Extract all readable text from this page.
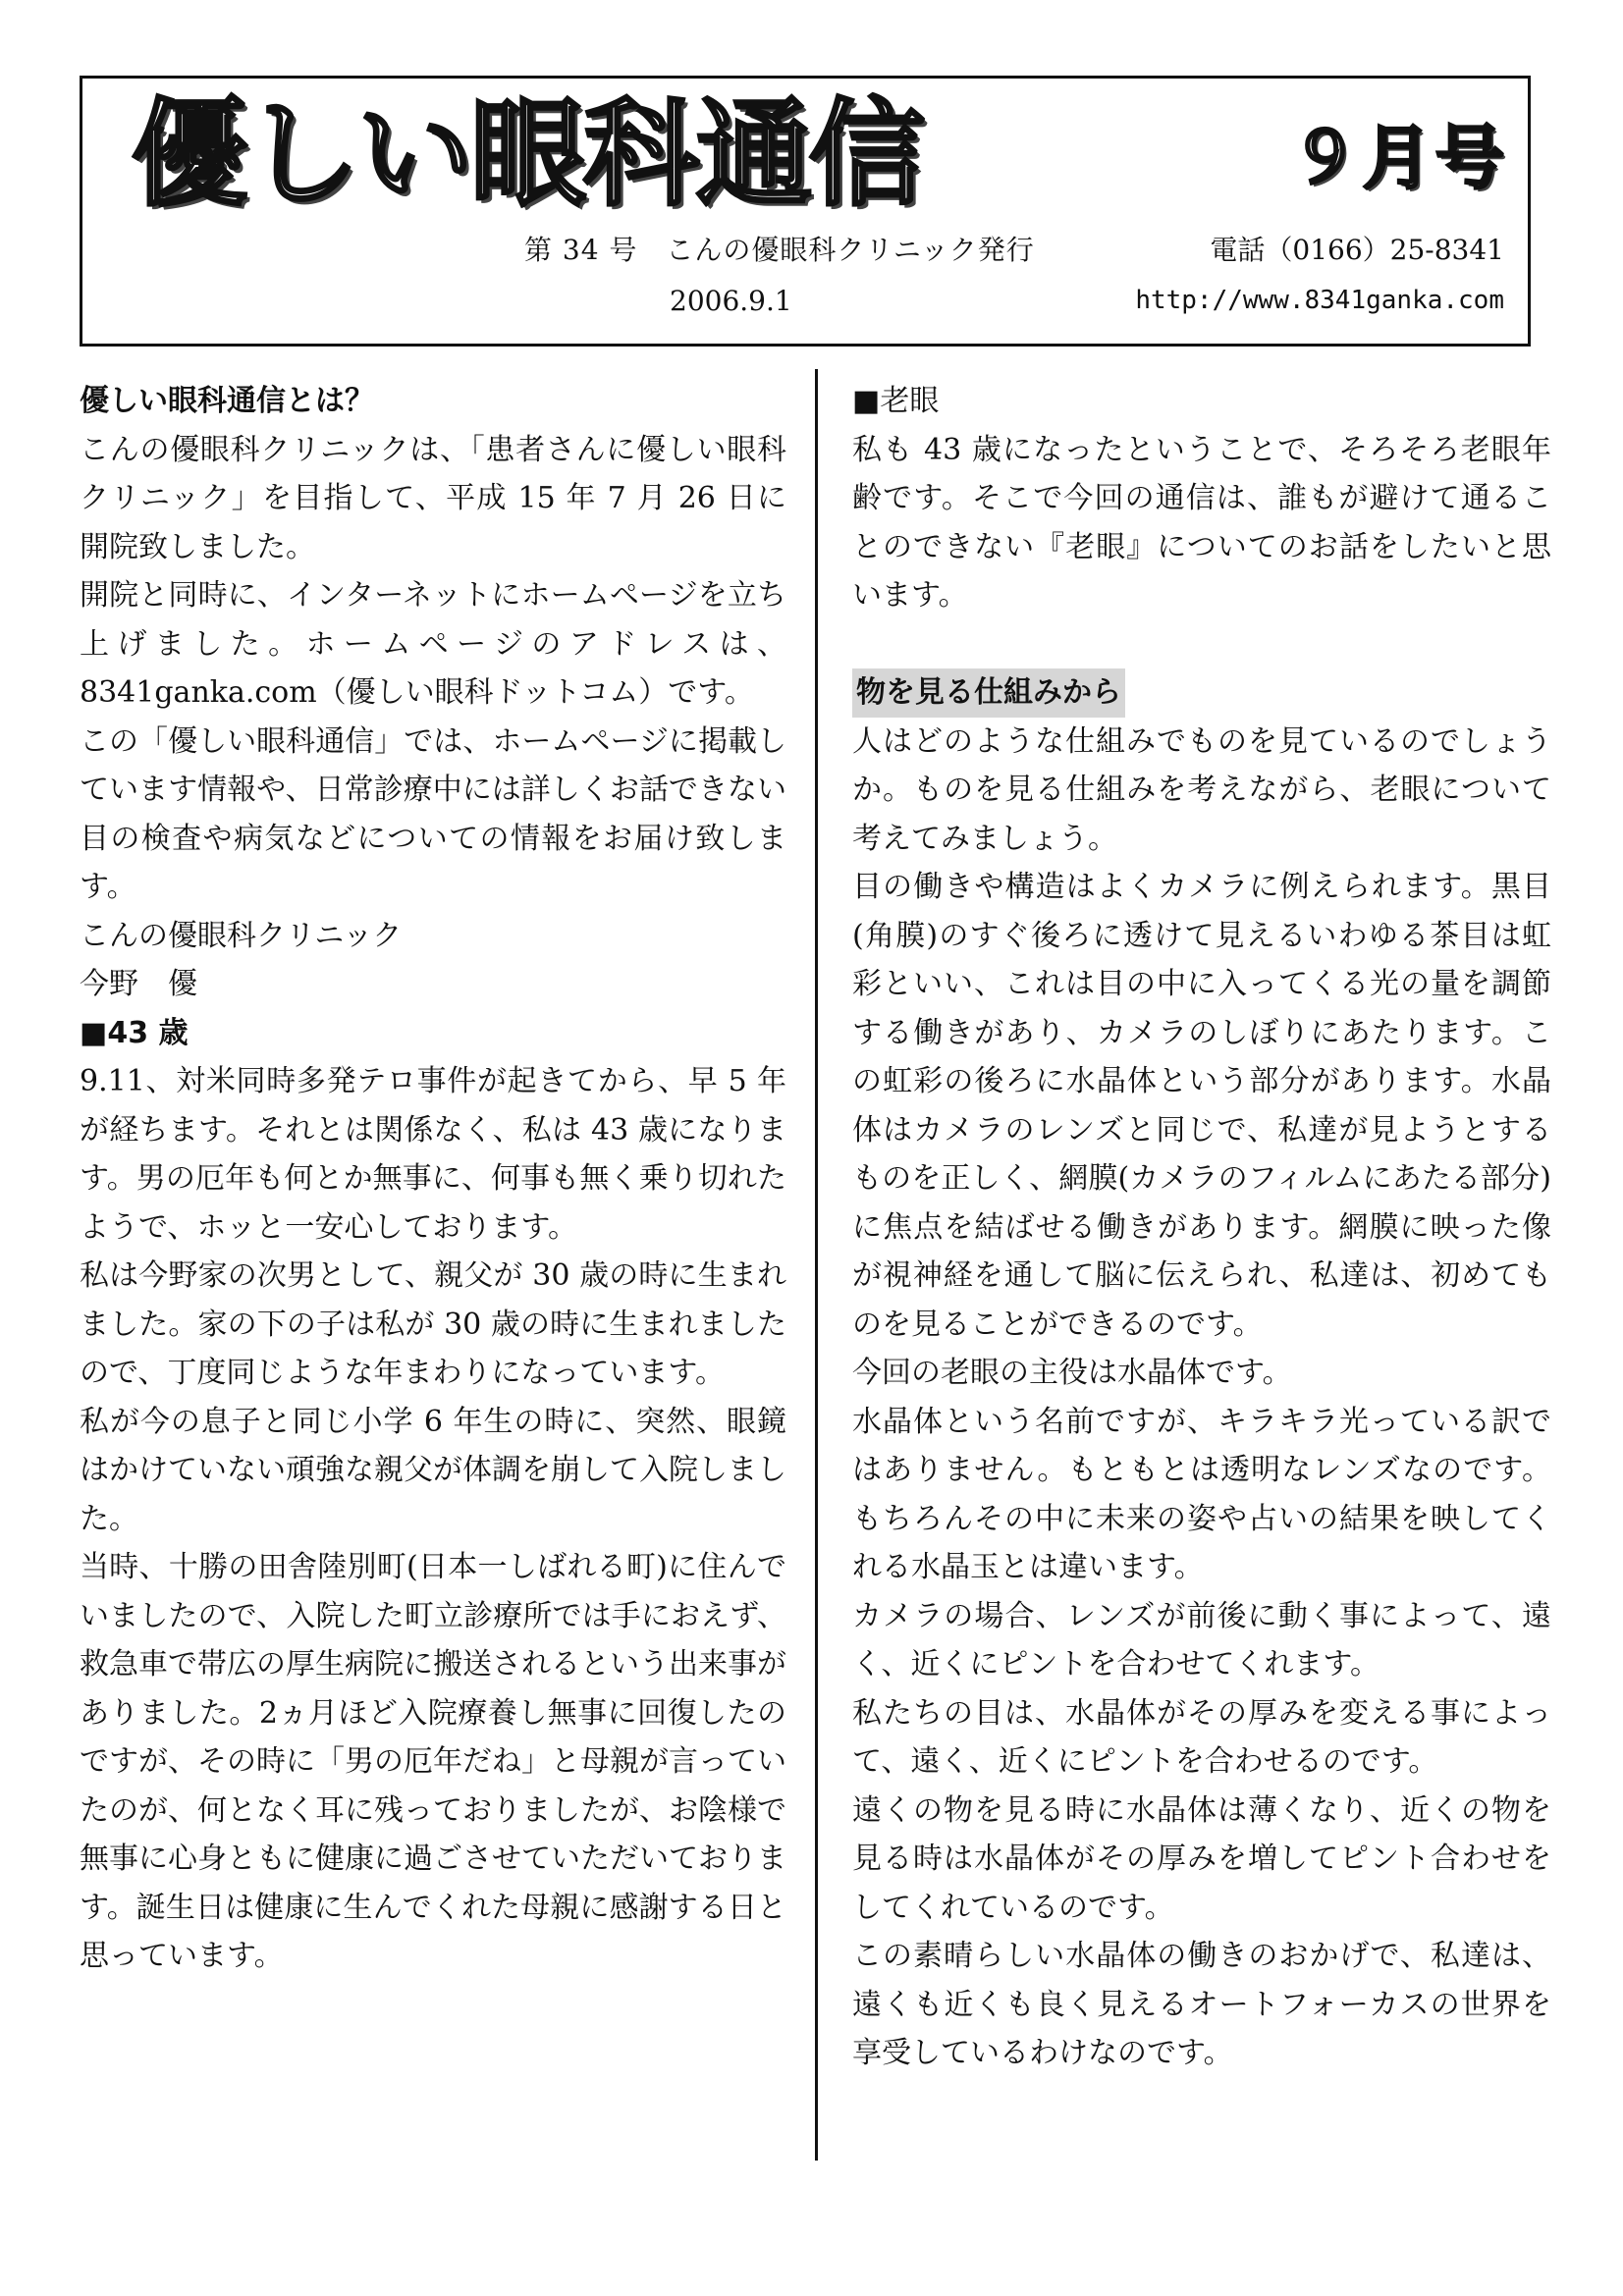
優しい眼科通信	９月号
第 34 号　こんの優眼科クリニック発行	電話（0166）25-8341
2006.9.1	http://www.8341ganka.com
優しい眼科通信とは？

こんの優眼科クリニックは、「患者さんに優しい眼科クリニック」を目指して、平成 15 年 7 月 26 日に開院致しました。

開院と同時に、インターネットにホームページを立ち上げました。ホームページのアドレスは、8341ganka.com（優しい眼科ドットコム）です。

この「優しい眼科通信」では、ホームページに掲載しています情報や、日常診療中には詳しくお話できない目の検査や病気などについての情報をお届け致します。

こんの優眼科クリニック

今野　優

■43 歳

9.11、対米同時多発テロ事件が起きてから、早 5 年が経ちます。それとは関係なく、私は 43 歳になります。男の厄年も何とか無事に、何事も無く乗り切れたようで、ホッと一安心しております。

私は今野家の次男として、親父が 30 歳の時に生まれました。家の下の子は私が 30 歳の時に生まれましたので、丁度同じような年まわりになっています。

私が今の息子と同じ小学 6 年生の時に、突然、眼鏡はかけていない頑強な親父が体調を崩して入院しました。

当時、十勝の田舎陸別町(日本一しばれる町)に住んでいましたので、入院した町立診療所では手におえず、救急車で帯広の厚生病院に搬送されるという出来事がありました。2ヵ月ほど入院療養し無事に回復したのですが、その時に「男の厄年だね」と母親が言っていたのが、何となく耳に残っておりましたが、お陰様で無事に心身ともに健康に過ごさせていただいております。誕生日は健康に生んでくれた母親に感謝する日と思っています。

■老眼

私も 43 歳になったということで、そろそろ老眼年齢です。そこで今回の通信は、誰もが避けて通ることのできない『老眼』についてのお話をしたいと思います。

物を見る仕組みから

人はどのような仕組みでものを見ているのでしょうか。ものを見る仕組みを考えながら、老眼について考えてみましょう。

目の働きや構造はよくカメラに例えられます。黒目(角膜)のすぐ後ろに透けて見えるいわゆる茶目は虹彩といい、これは目の中に入ってくる光の量を調節する働きがあり、カメラのしぼりにあたります。この虹彩の後ろに水晶体という部分があります。水晶体はカメラのレンズと同じで、私達が見ようとするものを正しく、網膜(カメラのフィルムにあたる部分)に焦点を結ばせる働きがあります。網膜に映った像が視神経を通して脳に伝えられ、私達は、初めてものを見ることができるのです。

今回の老眼の主役は水晶体です。

水晶体という名前ですが、キラキラ光っている訳ではありません。もともとは透明なレンズなのです。もちろんその中に未来の姿や占いの結果を映してくれる水晶玉とは違います。

カメラの場合、レンズが前後に動く事によって、遠く、近くにピントを合わせてくれます。

私たちの目は、水晶体がその厚みを変える事によって、遠く、近くにピントを合わせるのです。

遠くの物を見る時に水晶体は薄くなり、近くの物を見る時は水晶体がその厚みを増してピント合わせをしてくれているのです。

この素晴らしい水晶体の働きのおかげで、私達は、遠くも近くも良く見えるオートフォーカスの世界を享受しているわけなのです。
